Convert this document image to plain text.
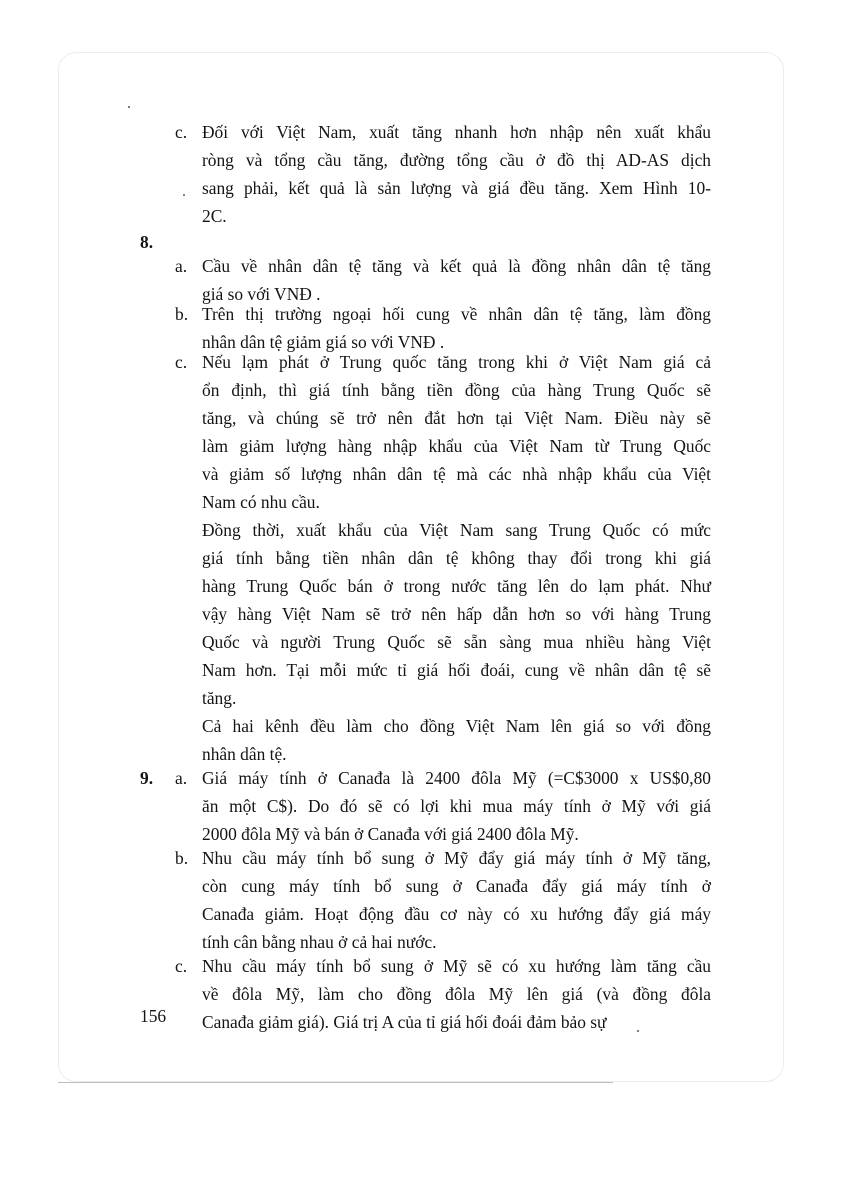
c. Đối với Việt Nam, xuất tăng nhanh hơn nhập nên xuất khẩu
ròng và tổng cầu tăng, đường tổng cầu ở đồ thị AD-AS dịch
sang phải, kết quả là sản lượng và giá đều tăng. Xem Hình 10-
2C.
8.
a. Cầu về nhân dân tệ tăng và kết quả là đồng nhân dân tệ tăng
giá so với VNĐ .
b. Trên thị trường ngoại hối cung về nhân dân tệ tăng, làm đồng
nhân dân tệ giảm giá so với VNĐ .
c. Nếu lạm phát ở Trung quốc tăng trong khi ở Việt Nam giá cả
ổn định, thì giá tính bằng tiền đồng của hàng Trung Quốc sẽ
tăng, và chúng sẽ trở nên đắt hơn tại Việt Nam. Điều này sẽ
làm giảm lượng hàng nhập khẩu của Việt Nam từ Trung Quốc
và giảm số lượng nhân dân tệ mà các nhà nhập khẩu của Việt
Nam có nhu cầu.
Đồng thời, xuất khẩu của Việt Nam sang Trung Quốc có mức
giá tính bằng tiền nhân dân tệ không thay đổi trong khi giá
hàng Trung Quốc bán ở trong nước tăng lên do lạm phát. Như
vậy hàng Việt Nam sẽ trở nên hấp dẫn hơn so với hàng Trung
Quốc và người Trung Quốc sẽ sẵn sàng mua nhiều hàng Việt
Nam hơn. Tại mỗi mức tỉ giá hối đoái, cung về nhân dân tệ sẽ
tăng.
Cả hai kênh đều làm cho đồng Việt Nam lên giá so với đồng
nhân dân tệ.
9. a. Giá máy tính ở Canađa là 2400 đôla Mỹ (=C$3000 x US$0,80
ăn một C$). Do đó sẽ có lợi khi mua máy tính ở Mỹ với giá
2000 đôla Mỹ và bán ở Canađa với giá 2400 đôla Mỹ.
b. Nhu cầu máy tính bổ sung ở Mỹ đẩy giá máy tính ở Mỹ tăng,
còn cung máy tính bổ sung ở Canađa đẩy giá máy tính ở
Canađa giảm. Hoạt động đầu cơ này có xu hướng đẩy giá máy
tính cân bằng nhau ở cả hai nước.
c. Nhu cầu máy tính bổ sung ở Mỹ sẽ có xu hướng làm tăng cầu
về đôla Mỹ, làm cho đồng đôla Mỹ lên giá (và đồng đôla
Canađa giảm giá). Giá trị A của tỉ giá hối đoái đảm bảo sự
156
